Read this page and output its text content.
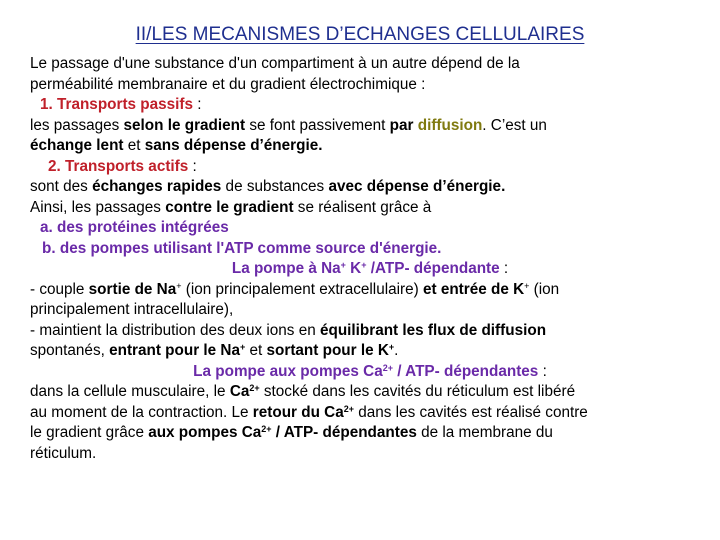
II/LES MECANISMES D’ECHANGES CELLULAIRES
Le passage d'une substance d'un compartiment à un autre dépend de la
perméabilité membranaire et du gradient électrochimique :
1. Transports passifs :
les passages selon le gradient se font passivement par diffusion. C’est un
échange lent et sans dépense d’énergie.
2. Transports actifs :
sont des échanges rapides de substances avec dépense d’énergie.
Ainsi, les passages contre le gradient se réalisent grâce à
a. des protéines intégrées
b. des pompes utilisant l'ATP comme source d'énergie.
La pompe à Na+ K+ /ATP- dépendante :
- couple sortie de Na+ (ion principalement extracellulaire) et entrée de K+ (ion
principalement intracellulaire),
- maintient la distribution des deux ions en équilibrant les flux de diffusion
spontanés, entrant pour le Na+ et sortant pour le K+.
La pompe aux pompes $Ca^{2+} / ATP-$ dépendantes :
dans la cellule musculaire, le $Ca^{2+}$ stocké dans les cavités du réticulum est libéré
au moment de la contraction. Le retour du $Ca^{2+}$ dans les cavités est réalisé contre
le gradient grâce aux pompes $Ca^{2+} / ATP-$ dépendantes de la membrane du
réticulum.
